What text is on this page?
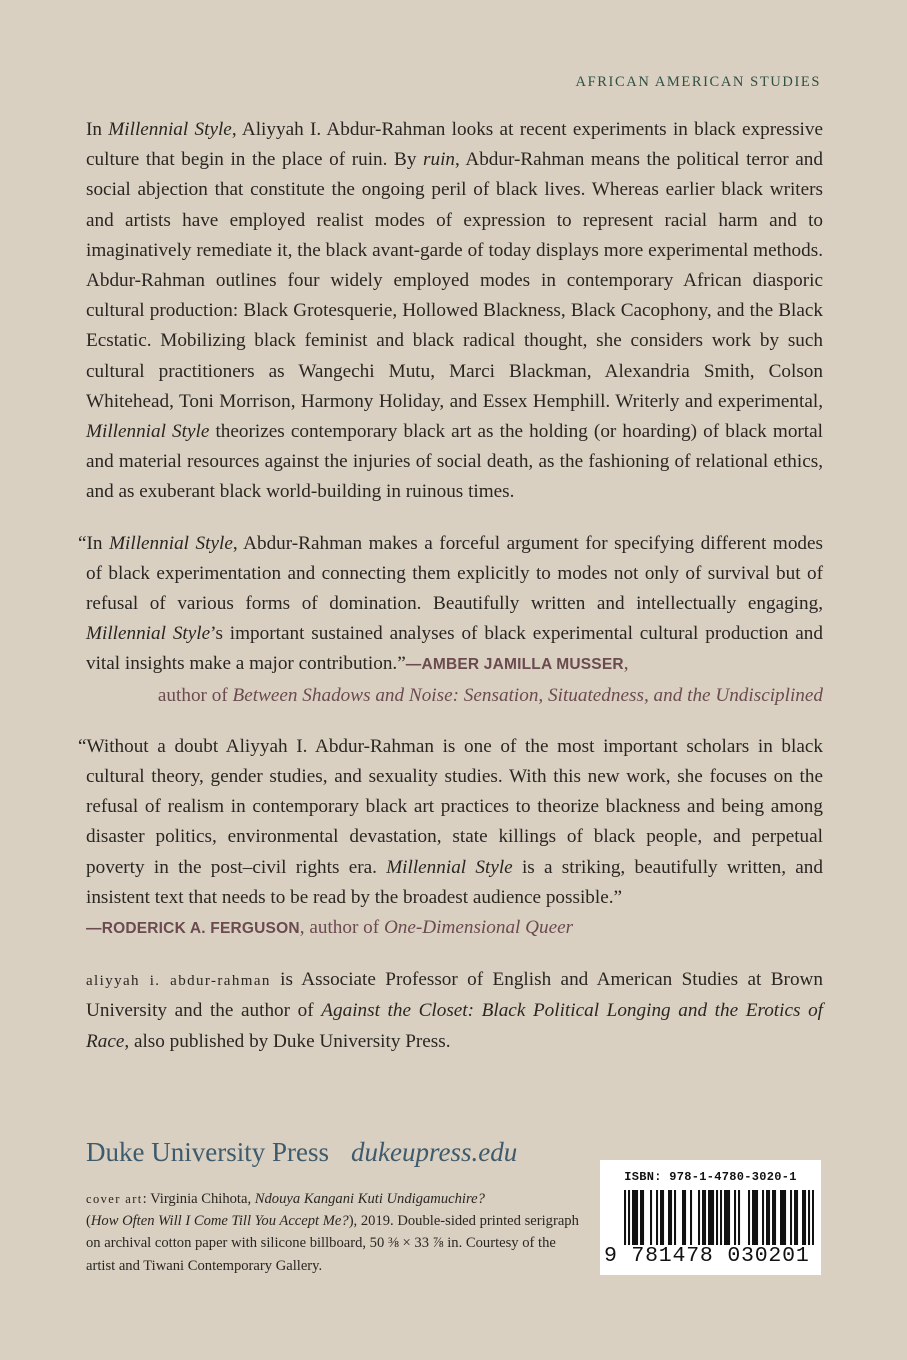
AFRICAN AMERICAN STUDIES

In Millennial Style, Aliyyah I. Abdur-Rahman looks at recent experiments in black expressive culture that begin in the place of ruin. By ruin, Abdur-Rahman means the political terror and social abjection that constitute the ongoing peril of black lives. Whereas earlier black writers and artists have employed realist modes of expression to represent racial harm and to imaginatively remediate it, the black avant-garde of today displays more experimental methods. Abdur-Rahman outlines four widely employed modes in contemporary African diasporic cultural production: Black Grotesquerie, Hollowed Blackness, Black Cacophony, and the Black Ecstatic. Mobilizing black feminist and black radical thought, she considers work by such cultural practitioners as Wangechi Mutu, Marci Blackman, Alexandria Smith, Colson Whitehead, Toni Morrison, Harmony Holiday, and Essex Hemphill. Writerly and experimental, Millennial Style theorizes contemporary black art as the holding (or hoarding) of black mortal and material resources against the injuries of social death, as the fashioning of relational ethics, and as exuberant black world-building in ruinous times.

“In Millennial Style, Abdur-Rahman makes a forceful argument for specifying different modes of black experimentation and connecting them explicitly to modes not only of survival but of refusal of various forms of domination. Beautifully written and intellectually engaging, Millennial Style’s important sustained analyses of black experimental cultural production and vital insights make a major contribution.”—AMBER JAMILLA MUSSER,

author of Between Shadows and Noise: Sensation, Situatedness, and the Undisciplined

“Without a doubt Aliyyah I. Abdur-Rahman is one of the most important scholars in black cultural theory, gender studies, and sexuality studies. With this new work, she focuses on the refusal of realism in contemporary black art practices to theorize blackness and being among disaster politics, environmental devastation, state killings of black people, and perpetual poverty in the post–civil rights era. Millennial Style is a striking, beautifully written, and insistent text that needs to be read by the broadest audience possible.”
—RODERICK A. FERGUSON, author of One-Dimensional Queer

aliyyah i. abdur-rahman is Associate Professor of English and American Studies at Brown University and the author of Against the Closet: Black Political Longing and the Erotics of Race, also published by Duke University Press.

Duke University Press dukeupress.edu
cover art: Virginia Chihota, Ndouya Kangani Kuti Undigamuchire?
(How Often Will I Come Till You Accept Me?), 2019. Double-sided printed serigraph on archival cotton paper with silicone billboard, 50 ⅜ × 33 ⅞ in. Courtesy of the artist and Tiwani Contemporary Gallery.
ISBN: 978-1-4780-3020-1
9 781478 030201
